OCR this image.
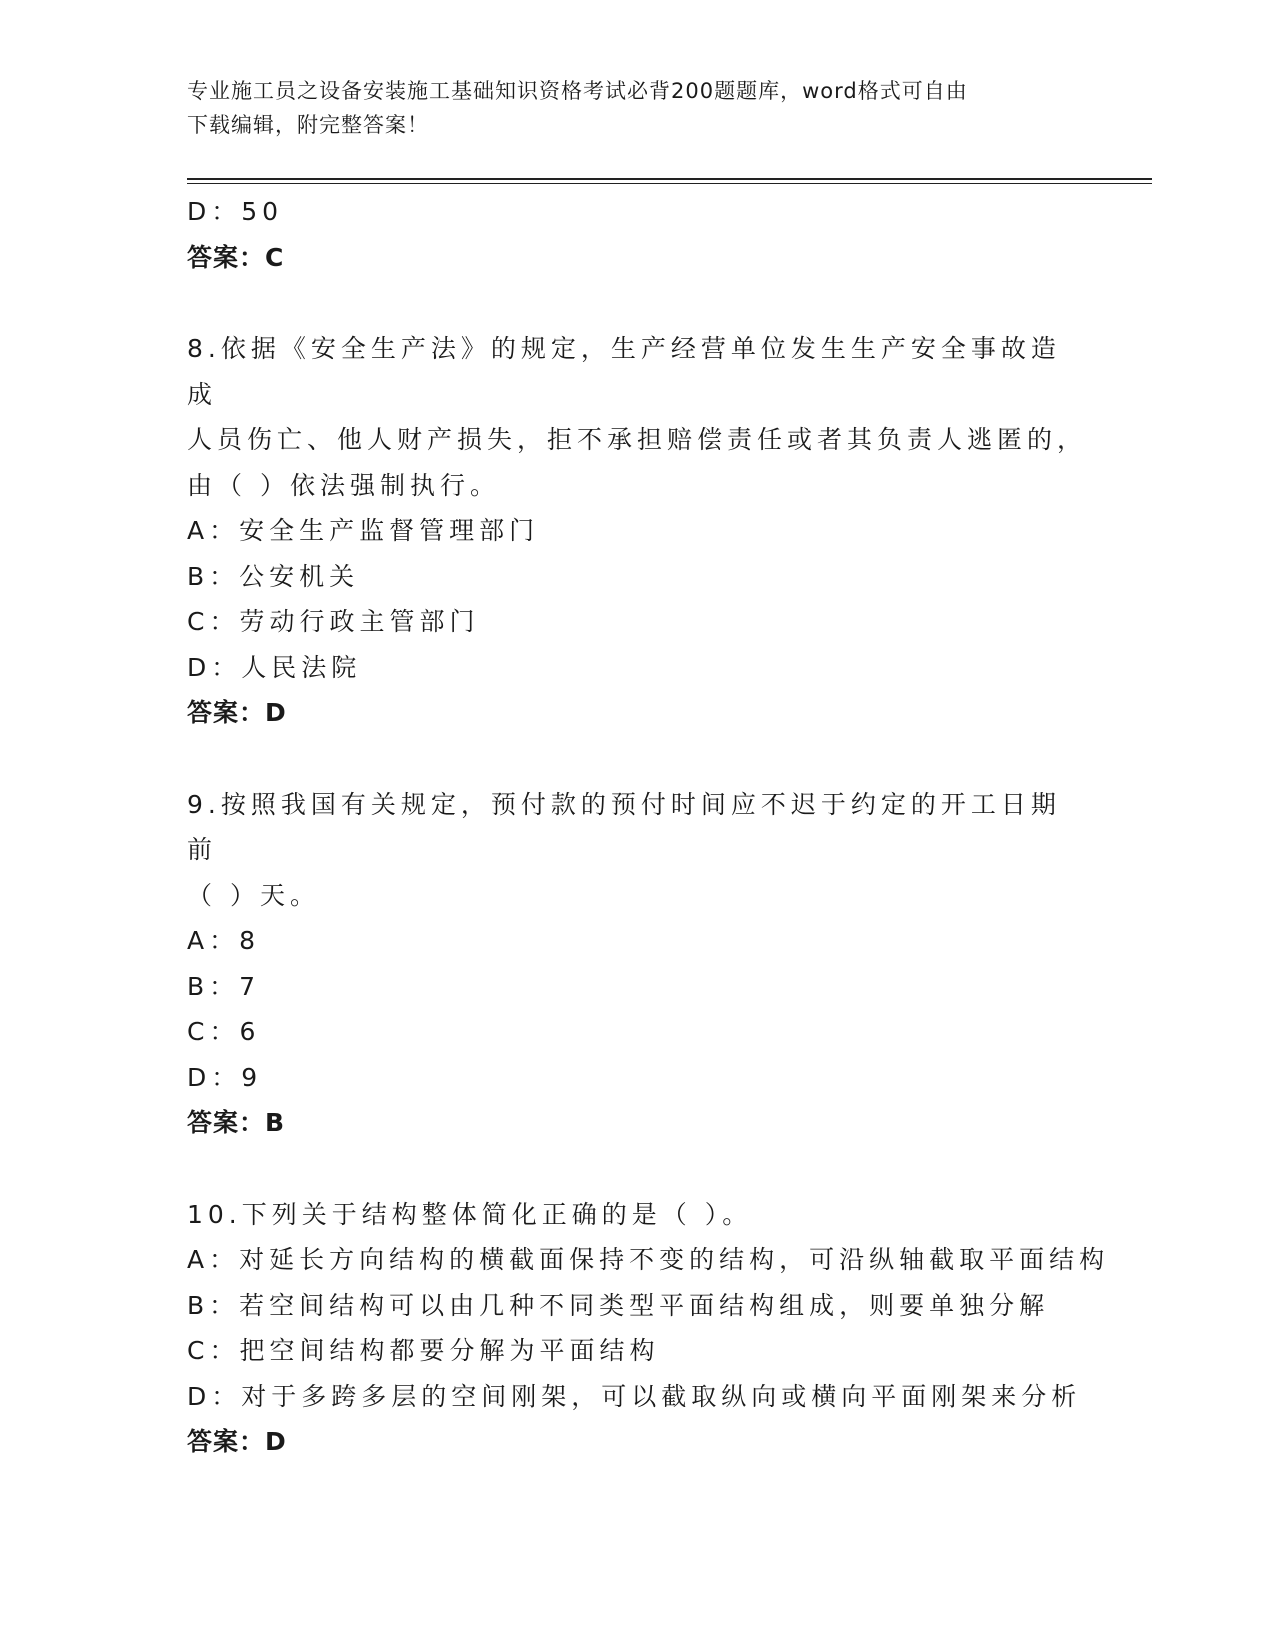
专业施工员之设备安装施工基础知识资格考试必背200题题库，word格式可自由
下载编辑，附完整答案！
D：50
答案：C
8.依据《安全生产法》的规定，生产经营单位发生生产安全事故造成
人员伤亡、他人财产损失，拒不承担赔偿责任或者其负责人逃匿的，
由（ ）依法强制执行。
A：安全生产监督管理部门
B：公安机关
C：劳动行政主管部门
D：人民法院
答案：D
9.按照我国有关规定，预付款的预付时间应不迟于约定的开工日期前
（ ）天。
A：8
B：7
C：6
D：9
答案：B
10.下列关于结构整体简化正确的是（ ）。
A：对延长方向结构的横截面保持不变的结构，可沿纵轴截取平面结构
B：若空间结构可以由几种不同类型平面结构组成，则要单独分解
C：把空间结构都要分解为平面结构
D：对于多跨多层的空间刚架，可以截取纵向或横向平面刚架来分析
答案：D
